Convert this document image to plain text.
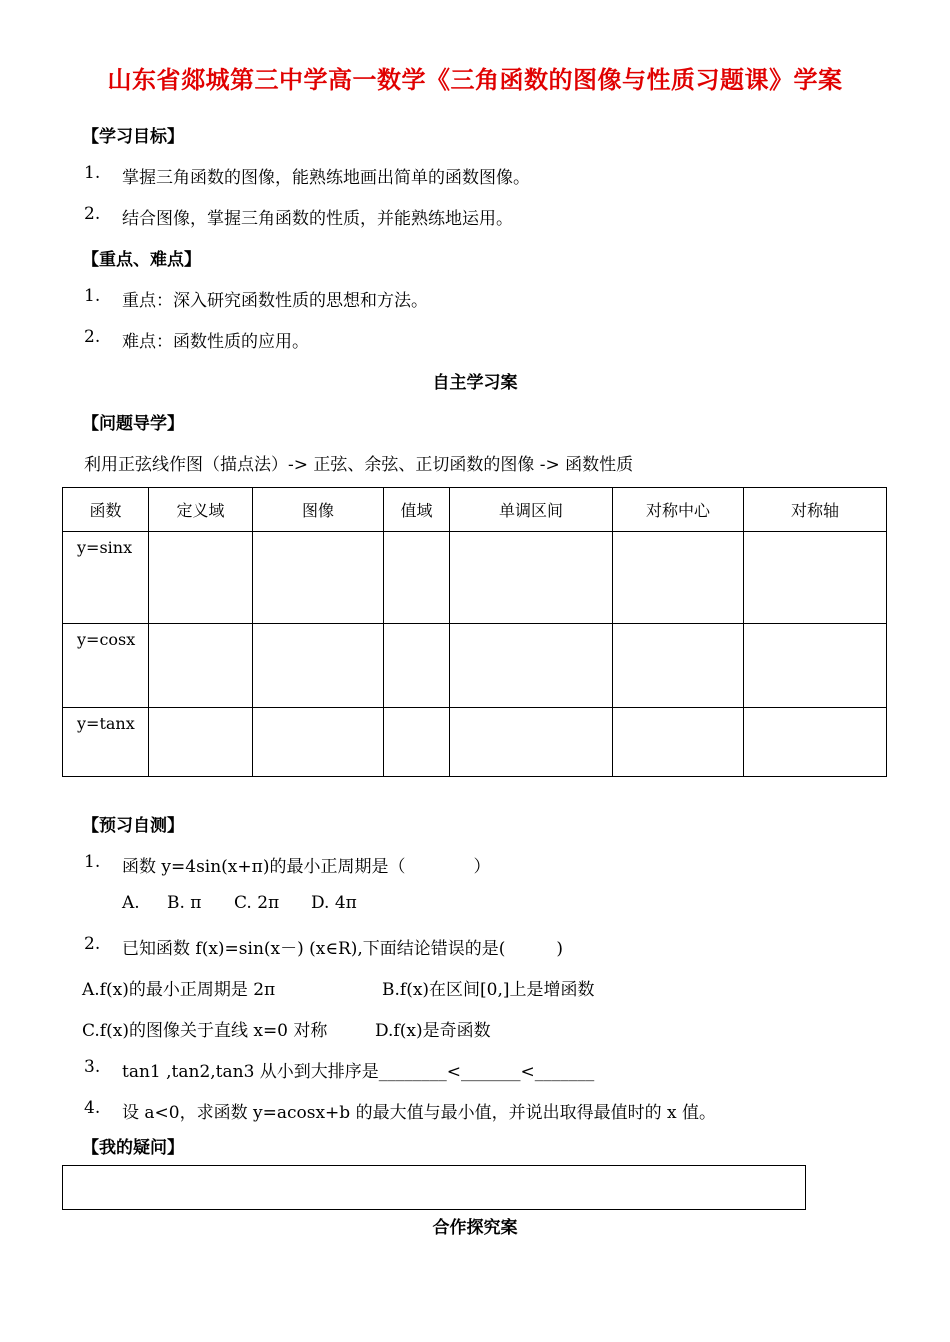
山东省郯城第三中学高一数学《三角函数的图像与性质习题课》学案
【学习目标】
1. 掌握三角函数的图像，能熟练地画出简单的函数图像。
2. 结合图像，掌握三角函数的性质，并能熟练地运用。
【重点、难点】
1. 重点：深入研究函数性质的思想和方法。
2. 难点：函数性质的应用。
自主学习案
【问题导学】
利用正弦线作图（描点法）-> 正弦、余弦、正切函数的图像 -> 函数性质
函数	定义域	图像	值域	单调区间	对称中心	对称轴
y=sinx						
y=cosx						
y=tanx						
【预习自测】
1. 函数 y=4sin(x+π)的最小正周期是（　　　　）
A. B. π C. 2π D. 4π
2. 已知函数 f(x)=sin(x－) (x∈R),下面结论错误的是(　　　)
A.f(x)的最小正周期是 2π	B.f(x)在区间[0,]上是增函数
C.f(x)的图像关于直线 x=0 对称	D.f(x)是奇函数
3. tan1 ,tan2,tan3 从小到大排序是________<_______<_______
4. 设 a<0，求函数 y=acosx+b 的最大值与最小值，并说出取得最值时的 x 值。
【我的疑问】
合作探究案
